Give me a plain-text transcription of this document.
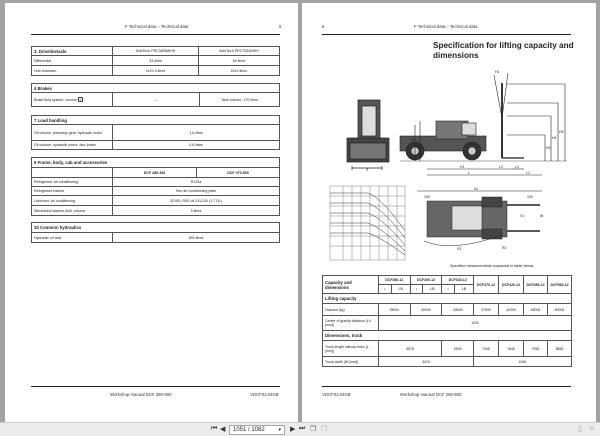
F Technical data – Technical data	5
3. Driveline/axle	AxleTech PRC3806WHH	AxleTech PRC7534WHH
Differential	33 litres	50 litres
Hub reduction	2x10.5 litres	2x10 litres
4 Brakes
Brake fluid system, volume +	–	Tank volume, 170 litres
7 Load handling	
Oil volume, planetary gear, hydraulic motor	1,6 litres
Oil volume, hydraulic motor, disc brake	0,6 litres
9 Frame, body, cab and accessories		
	DCF 280-330	DCF 370-500
Refrigerant, air conditioning	R134a	
Refrigerant volume	See air conditioning plate	
Lubricant, air conditioning	ZEXEL PAG oil ZXL100 (1.7 DL)	
Windshield washer fluid, volume	5 litres	
10 Common hydraulics
Hydraulic oil tank	800 litres
Workshop manual DCF 280-500	VDCF03.03GB
6	F Technical data – Technical data
Specification for lifting capacity and dimensions
S
H1	L2	L4
L	L1
H6
H3	H2
H4
H5
H1
A1
100	100
R1	R2
V1	W
Specified measurements explained in table below.
Capacity and dimensions	DCF280-12		DCF300-12		DCF330-12		DCF370-12	DCF420-12	DCF450-12	DCF500-12
	•	LB	•	LB	•	LB				
Lifting capacity										
Classed (kg)	28000		30000		33000		37000	42000	45000	50000
Centre of gravity distance (L4 [mm])	1200									
Dimensions, truck										
Truck length without forks (L [mm])	6875				6925		7345	7845	7950	8550
Truck width (W [mm])	3410						4150			
VDCF03.03GB	Workshop manual DCF 280-500
⏮ ◀	1051 / 1082	▾ ▶ ⏭ ❐ ❐	▯ ⌑
